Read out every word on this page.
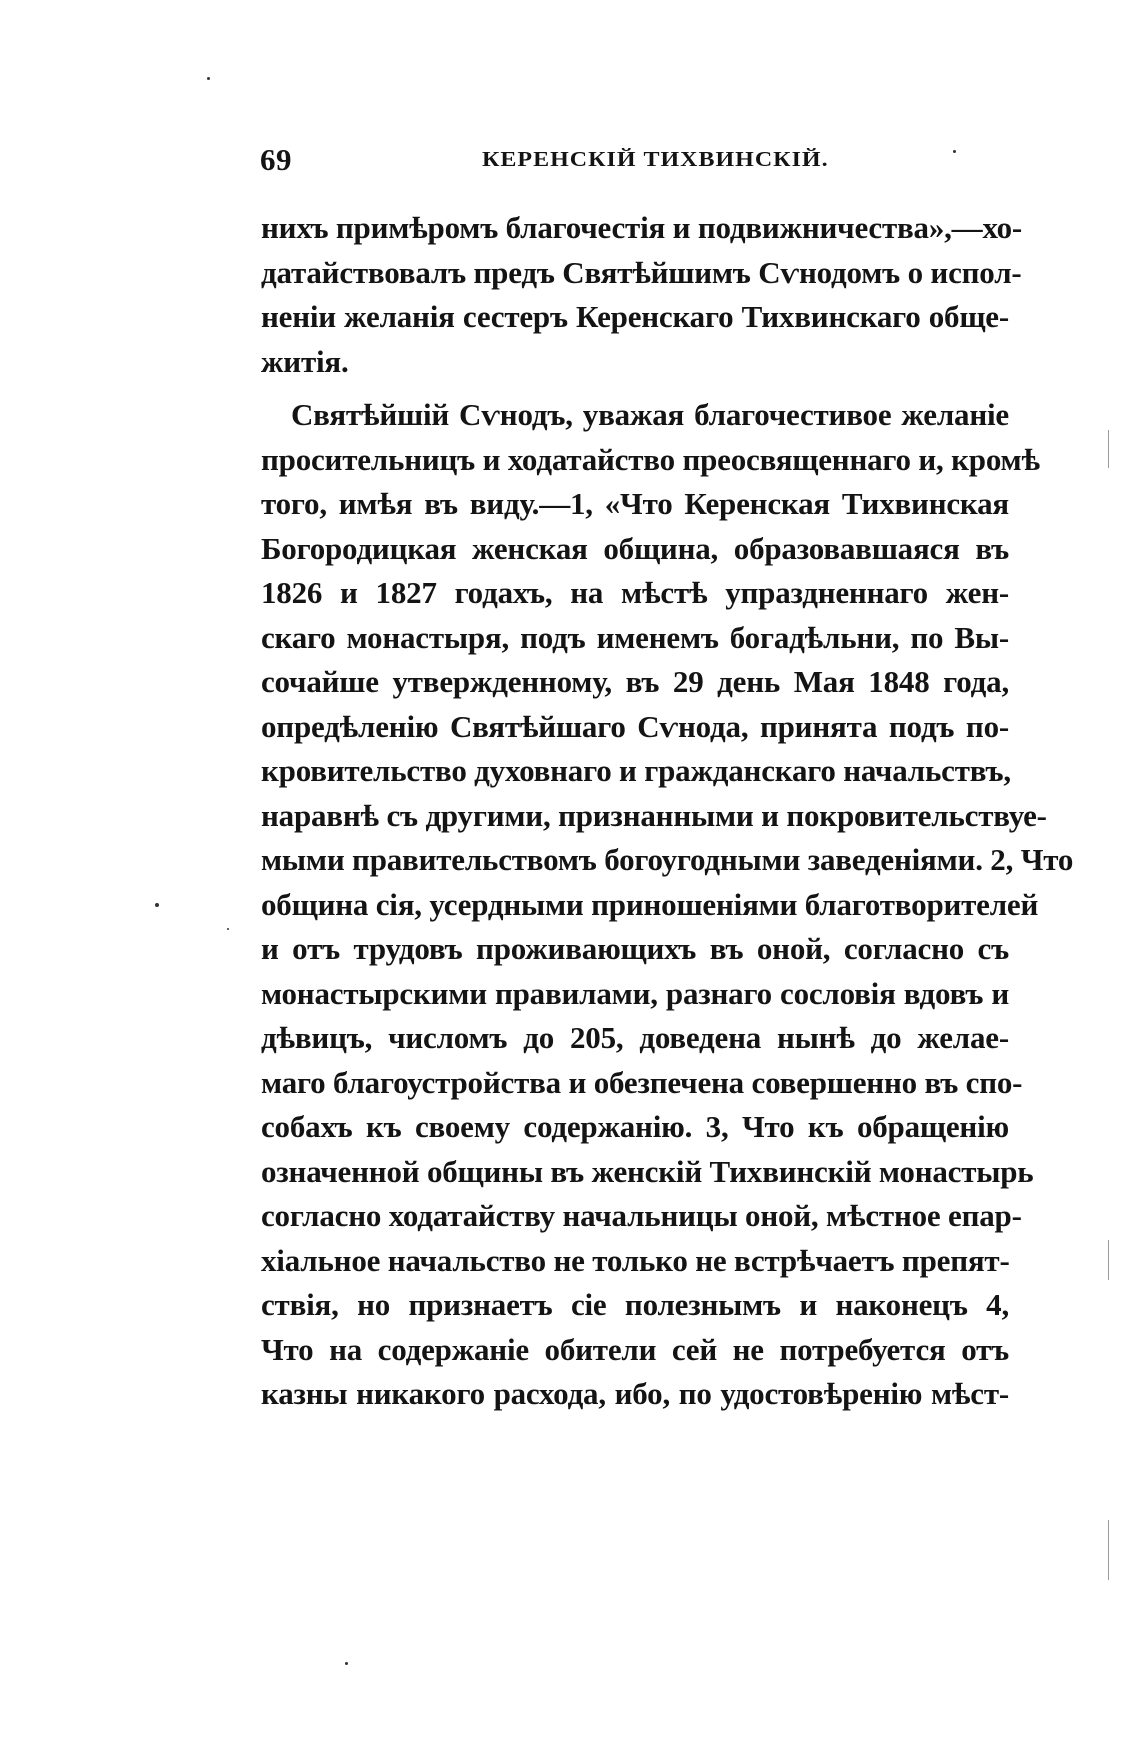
69	КЕРЕНСКІЙ ТИХВИНСКІЙ.
нихъ примѣромъ благочестія и подвижничества»,—хо-
датайствовалъ предъ Святѣйшимъ Сѵнодомъ о испол-
неніи желанія сестеръ Керенскаго Тихвинскаго обще-
житія.
Святѣйшій Сѵнодъ, уважая благочестивое желаніе
просительницъ и ходатайство преосвященнаго и, кромѣ
того, имѣя въ виду.—1, «Что Керенская Тихвинская
Богородицкая женская община, образовавшаяся въ
1826 и 1827 годахъ, на мѣстѣ упраздненнаго жен-
скаго монастыря, подъ именемъ богадѣльни, по Вы-
сочайше утвержденному, въ 29 день Мая 1848 года,
опредѣленію Святѣйшаго Сѵнода, принята подъ по-
кровительство духовнаго и гражданскаго начальствъ,
наравнѣ съ другими, признанными и покровительствуе-
мыми правительствомъ богоугодными заведеніями. 2, Что
община сія, усердными приношеніями благотворителей
и отъ трудовъ проживающихъ въ оной, согласно съ
монастырскими правилами, разнаго сословія вдовъ и
дѣвицъ, числомъ до 205, доведена нынѣ до желае-
маго благоустройства и обезпечена совершенно въ спо-
собахъ къ своему содержанію. 3, Что къ обращенію
означенной общины въ женскій Тихвинскій монастырь
согласно ходатайству начальницы оной, мѣстное епар-
хіальное начальство не только не встрѣчаетъ препят-
ствія, но признаетъ сіе полезнымъ и наконецъ 4,
Что на содержаніе обители сей не потребуется отъ
казны никакого расхода, ибо, по удостовѣренію мѣст-
